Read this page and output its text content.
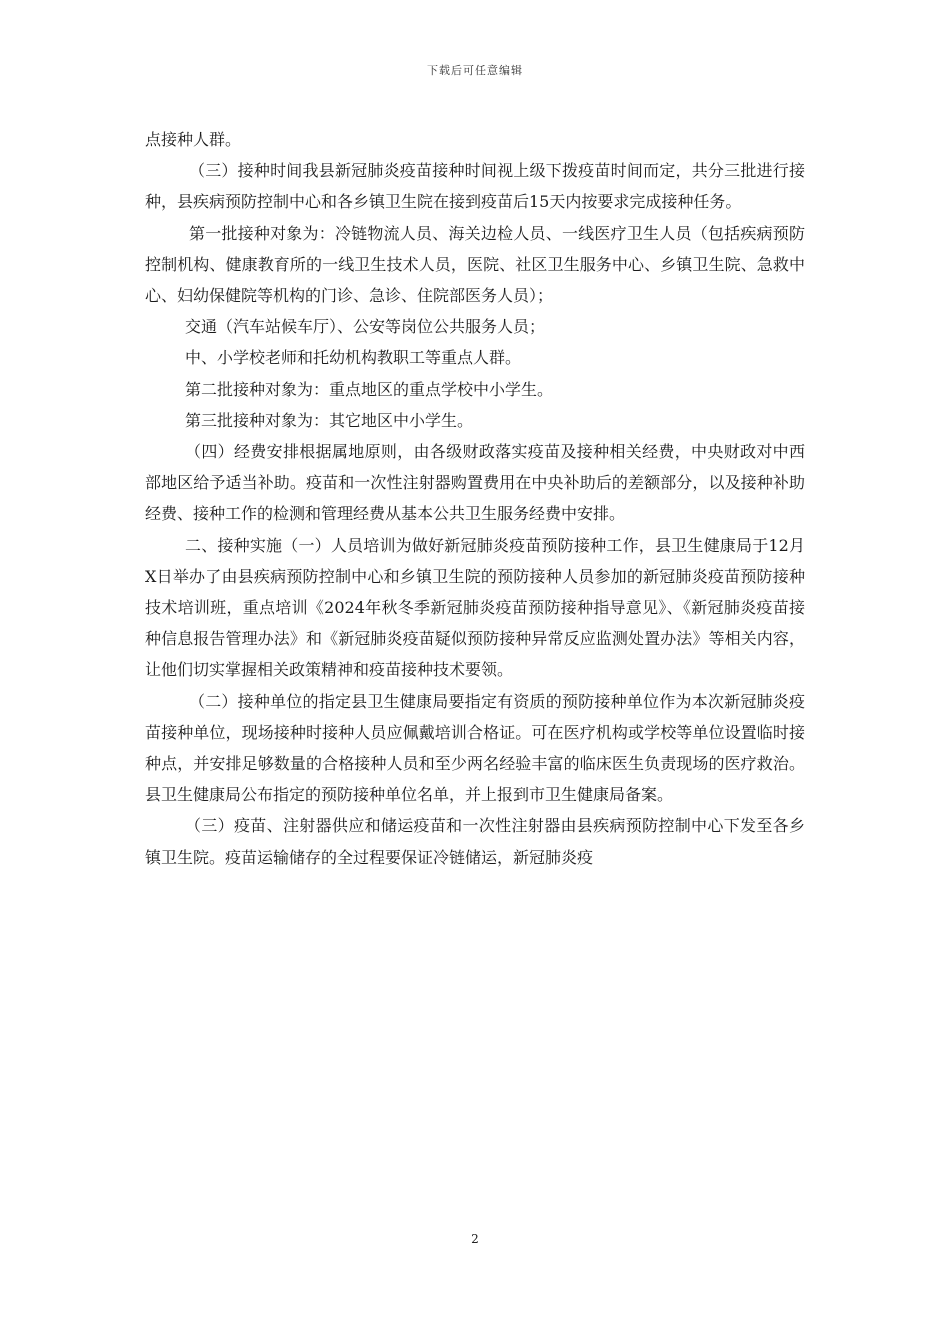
下载后可任意编辑

点接种人群。

（三）接种时间我县新冠肺炎疫苗接种时间视上级下拨疫苗时间而定，共分三批进行接种，县疾病预防控制中心和各乡镇卫生院在接到疫苗后15天内按要求完成接种任务。

第一批接种对象为：冷链物流人员、海关边检人员、一线医疗卫生人员（包括疾病预防控制机构、健康教育所的一线卫生技术人员，医院、社区卫生服务中心、乡镇卫生院、急救中心、妇幼保健院等机构的门诊、急诊、住院部医务人员）；

交通（汽车站候车厅）、公安等岗位公共服务人员；

中、小学校老师和托幼机构教职工等重点人群。

第二批接种对象为：重点地区的重点学校中小学生。

第三批接种对象为：其它地区中小学生。

（四）经费安排根据属地原则，由各级财政落实疫苗及接种相关经费，中央财政对中西部地区给予适当补助。疫苗和一次性注射器购置费用在中央补助后的差额部分，以及接种补助经费、接种工作的检测和管理经费从基本公共卫生服务经费中安排。

二、接种实施（一）人员培训为做好新冠肺炎疫苗预防接种工作，县卫生健康局于12月X日举办了由县疾病预防控制中心和乡镇卫生院的预防接种人员参加的新冠肺炎疫苗预防接种技术培训班，重点培训《2024年秋冬季新冠肺炎疫苗预防接种指导意见》、《新冠肺炎疫苗接种信息报告管理办法》和《新冠肺炎疫苗疑似预防接种异常反应监测处置办法》等相关内容，让他们切实掌握相关政策精神和疫苗接种技术要领。

（二）接种单位的指定县卫生健康局要指定有资质的预防接种单位作为本次新冠肺炎疫苗接种单位，现场接种时接种人员应佩戴培训合格证。可在医疗机构或学校等单位设置临时接种点，并安排足够数量的合格接种人员和至少两名经验丰富的临床医生负责现场的医疗救治。县卫生健康局公布指定的预防接种单位名单，并上报到市卫生健康局备案。

（三）疫苗、注射器供应和储运疫苗和一次性注射器由县疾病预防控制中心下发至各乡镇卫生院。疫苗运输储存的全过程要保证冷链储运，新冠肺炎疫

2
